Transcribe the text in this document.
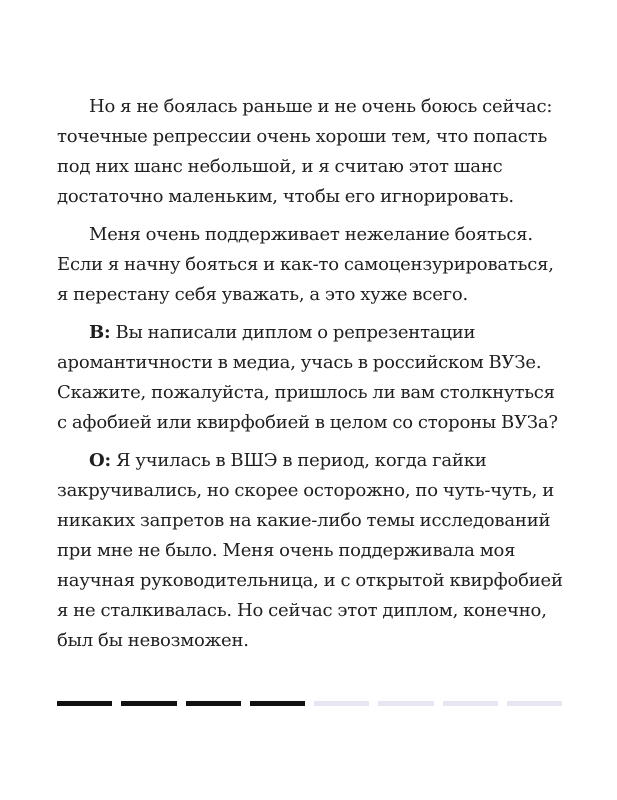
Но я не боялась раньше и не очень боюсь сейчас: точечные репрессии очень хороши тем, что попасть под них шанс небольшой, и я считаю этот шанс достаточно маленьким, чтобы его игнорировать.

Меня очень поддерживает нежелание бояться. Если я начну бояться и как-то самоцензурироваться, я перестану себя уважать, а это хуже всего.

В: Вы написали диплом о репрезентации аромантичности в медиа, учась в российском ВУЗе. Скажите, пожалуйста, пришлось ли вам столкнуться с афобией или квирфобией в целом со стороны ВУЗа?

О: Я училась в ВШЭ в период, когда гайки закручивались, но скорее осторожно, по чуть-чуть, и никаких запретов на какие-либо темы исследований при мне не было. Меня очень поддерживала моя научная руководительница, и с открытой квирфобией я не сталкивалась. Но сейчас этот диплом, конечно, был бы невозможен.
